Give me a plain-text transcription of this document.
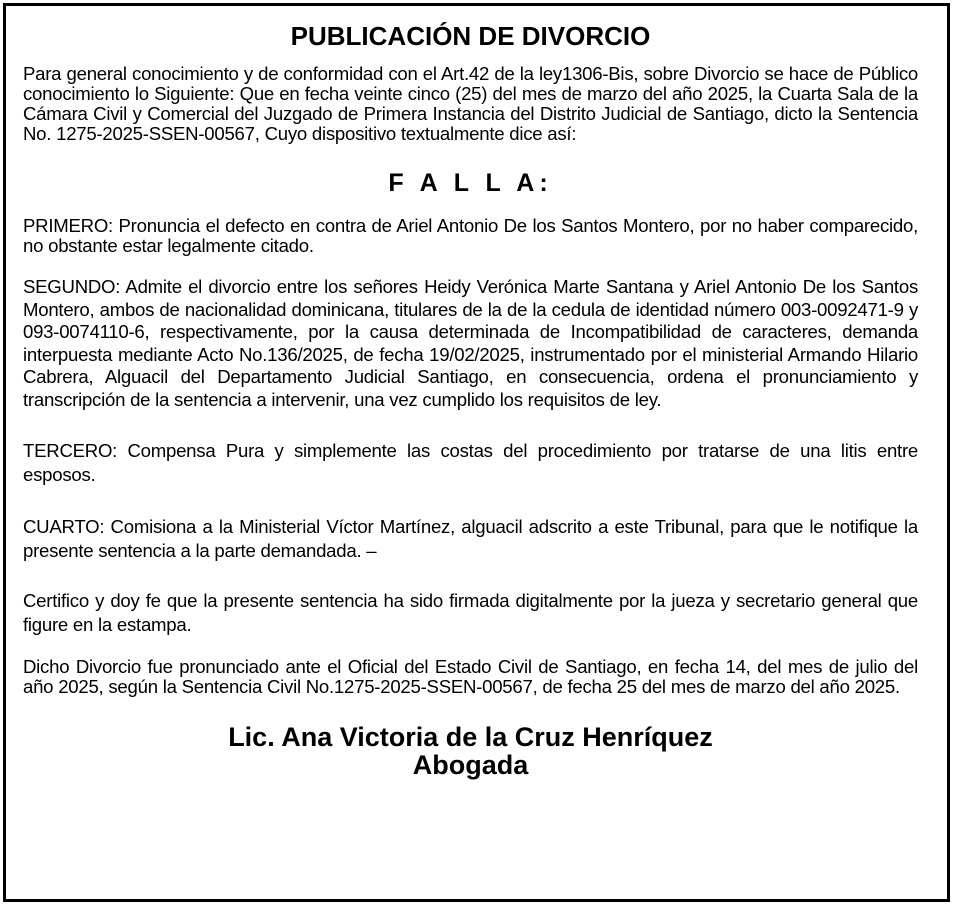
PUBLICACIÓN DE DIVORCIO

Para general conocimiento y de conformidad con el Art.42 de la ley1306-Bis, sobre Divorcio se hace de Público conocimiento lo Siguiente: Que en fecha veinte cinco (25) del mes de marzo del año 2025, la Cuarta Sala de la Cámara Civil y Comercial del Juzgado de Primera Instancia del Distrito Judicial de Santiago, dicto la Sentencia No. 1275-2025-SSEN-00567, Cuyo dispositivo textualmente dice así:

F A L L A:

PRIMERO: Pronuncia el defecto en contra de Ariel Antonio De los Santos Montero, por no haber comparecido, no obstante estar legalmente citado.

SEGUNDO: Admite el divorcio entre los señores Heidy Verónica Marte Santana y Ariel Antonio De los Santos Montero, ambos de nacionalidad dominicana, titulares de la de la cedula de identidad número 003-0092471-9 y 093-0074110-6, respectivamente, por la causa determinada de Incompatibilidad de caracteres, demanda interpuesta mediante Acto No.136/2025, de fecha 19/02/2025, instrumentado por el ministerial Armando Hilario Cabrera, Alguacil del Departamento Judicial Santiago, en consecuencia, ordena el pronunciamiento y transcripción de la sentencia a intervenir, una vez cumplido los requisitos de ley.

TERCERO: Compensa Pura y simplemente las costas del procedimiento por tratarse de una litis entre esposos.

CUARTO: Comisiona a la Ministerial Víctor Martínez, alguacil adscrito a este Tribunal, para que le notifique la presente sentencia a la parte demandada. –

Certifico y doy fe que la presente sentencia ha sido firmada digitalmente por la jueza y secretario general que figure en la estampa.

Dicho Divorcio fue pronunciado ante el Oficial del Estado Civil de Santiago, en fecha 14, del mes de julio del año 2025, según la Sentencia Civil No.1275-2025-SSEN-00567, de fecha 25 del mes de marzo del año 2025.

Lic. Ana Victoria de la Cruz Henríquez
Abogada
